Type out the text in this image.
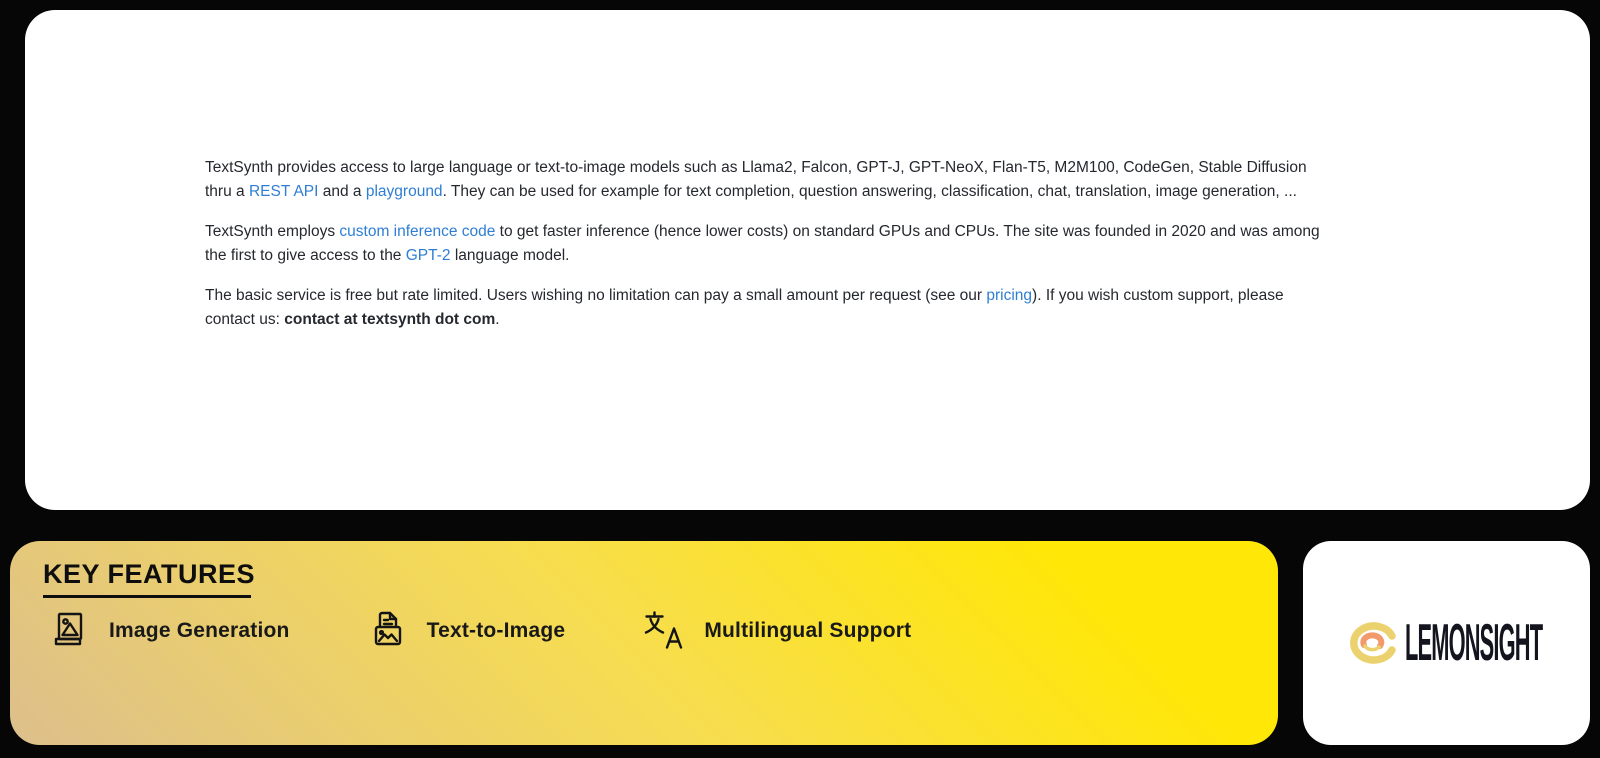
TextSynth provides access to large language or text-to-image models such as Llama2, Falcon, GPT-J, GPT-NeoX, Flan-T5, M2M100, CodeGen, Stable Diffusion thru a REST API and a playground. They can be used for example for text completion, question answering, classification, chat, translation, image generation, ...

TextSynth employs custom inference code to get faster inference (hence lower costs) on standard GPUs and CPUs. The site was founded in 2020 and was among the first to give access to the GPT-2 language model.

The basic service is free but rate limited. Users wishing no limitation can pay a small amount per request (see our pricing). If you wish custom support, please contact us: contact at textsynth dot com.

KEY FEATURES
Image Generation	Text-to-Image	Multilingual Support	LEMONSIGHT
